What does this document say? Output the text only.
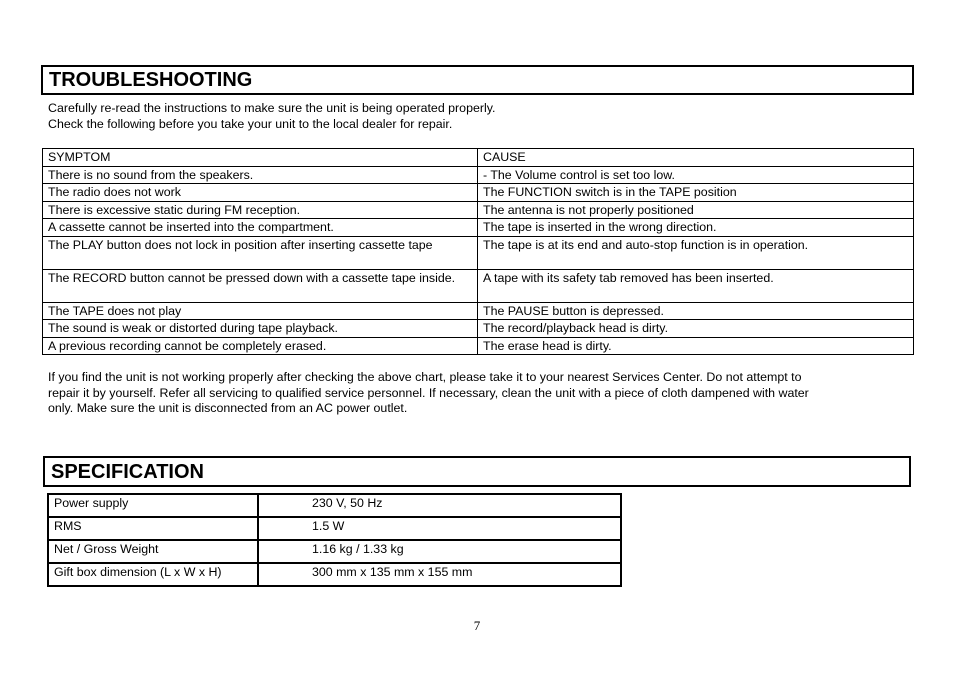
TROUBLESHOOTING
Carefully re-read the instructions to make sure the unit is being operated properly.
Check the following before you take your unit to the local dealer for repair.
SYMPTOM	CAUSE
There is no sound from the speakers.	- The Volume control is set too low.
The radio does not work	The FUNCTION switch is in the TAPE position
There is excessive static during FM reception.	The antenna is not properly positioned
A cassette cannot be inserted into the compartment.	The tape is inserted in the wrong direction.
The PLAY button does not lock in position after inserting cassette tape	The tape is at its end and auto-stop function is in operation.
The RECORD button cannot be pressed down with a cassette tape inside.	A tape with its safety tab removed has been inserted.
The TAPE does not play	The PAUSE button is depressed.
The sound is weak or distorted during tape playback.	The record/playback head is dirty.
A previous recording cannot be completely erased.	The erase head is dirty.
If you find the unit is not working properly after checking the above chart, please take it to your nearest Services Center. Do not attempt to
repair it by yourself. Refer all servicing to qualified service personnel. If necessary, clean the unit with a piece of cloth dampened with water
only. Make sure the unit is disconnected from an AC power outlet.
SPECIFICATION
Power supply	230 V, 50 Hz

RMS	1.5 W

Net / Gross Weight	1.16 kg / 1.33 kg

Gift box dimension (L x W x H)	300 mm x 135 mm x 155 mm
7
